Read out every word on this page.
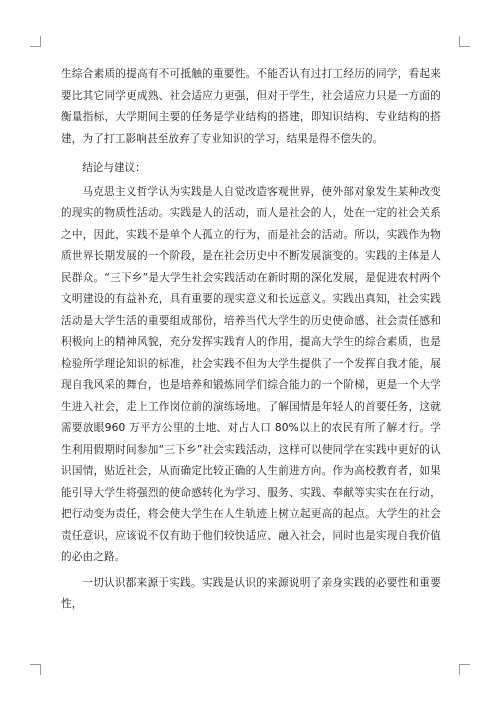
生综合素质的提高有不可抵触的重要性。不能否认有过打工经历的同学，看起来要比其它同学更成熟、社会适应力更强，但对于学生，社会适应力只是一方面的衡量指标，大学期间主要的任务是学业结构的搭建，即知识结构、专业结构的搭建，为了打工影响甚至放弃了专业知识的学习，结果是得不偿失的。

结论与建议：

马克思主义哲学认为实践是人自觉改造客观世界，使外部对象发生某种改变的现实的物质性活动。实践是人的活动，而人是社会的人，处在一定的社会关系之中，因此，实践不是单个人孤立的行为，而是社会的活动。所以，实践作为物质世界长期发展的一个阶段，是在社会历史中不断发展演变的。实践的主体是人民群众。“三下乡”是大学生社会实践活动在新时期的深化发展，是促进农村两个文明建设的有益补充，具有重要的现实意义和长远意义。实践出真知，社会实践活动是大学生活的重要组成部份，培养当代大学生的历史使命感、社会责任感和积极向上的精神风貌，充分发挥实践育人的作用，提高大学生的综合素质，也是检验所学理论知识的标准，社会实践不但为大学生提供了一个发挥自我才能，展现自我风采的舞台，也是培养和锻炼同学们综合能力的一个阶梯，更是一个大学生进入社会，走上工作岗位前的演练场地。了解国情是年轻人的首要任务，这就需要放眼960 万平方公里的土地、对占人口 80%以上的农民有所了解才行。学生利用假期时间参加“三下乡”社会实践活动，这样可以使同学在实践中更好的认识国情，贴近社会，从而确定比较正确的人生前进方向。作为高校教育者，如果能引导大学生将强烈的使命感转化为学习、服务、实践、奉献等实实在在行动，把行动变为责任，将会使大学生在人生轨迹上树立起更高的起点。大学生的社会责任意识，应该说不仅有助于他们较快适应、融入社会，同时也是实现自我价值的必由之路。

一切认识都来源于实践。实践是认识的来源说明了亲身实践的必要性和重要性，
